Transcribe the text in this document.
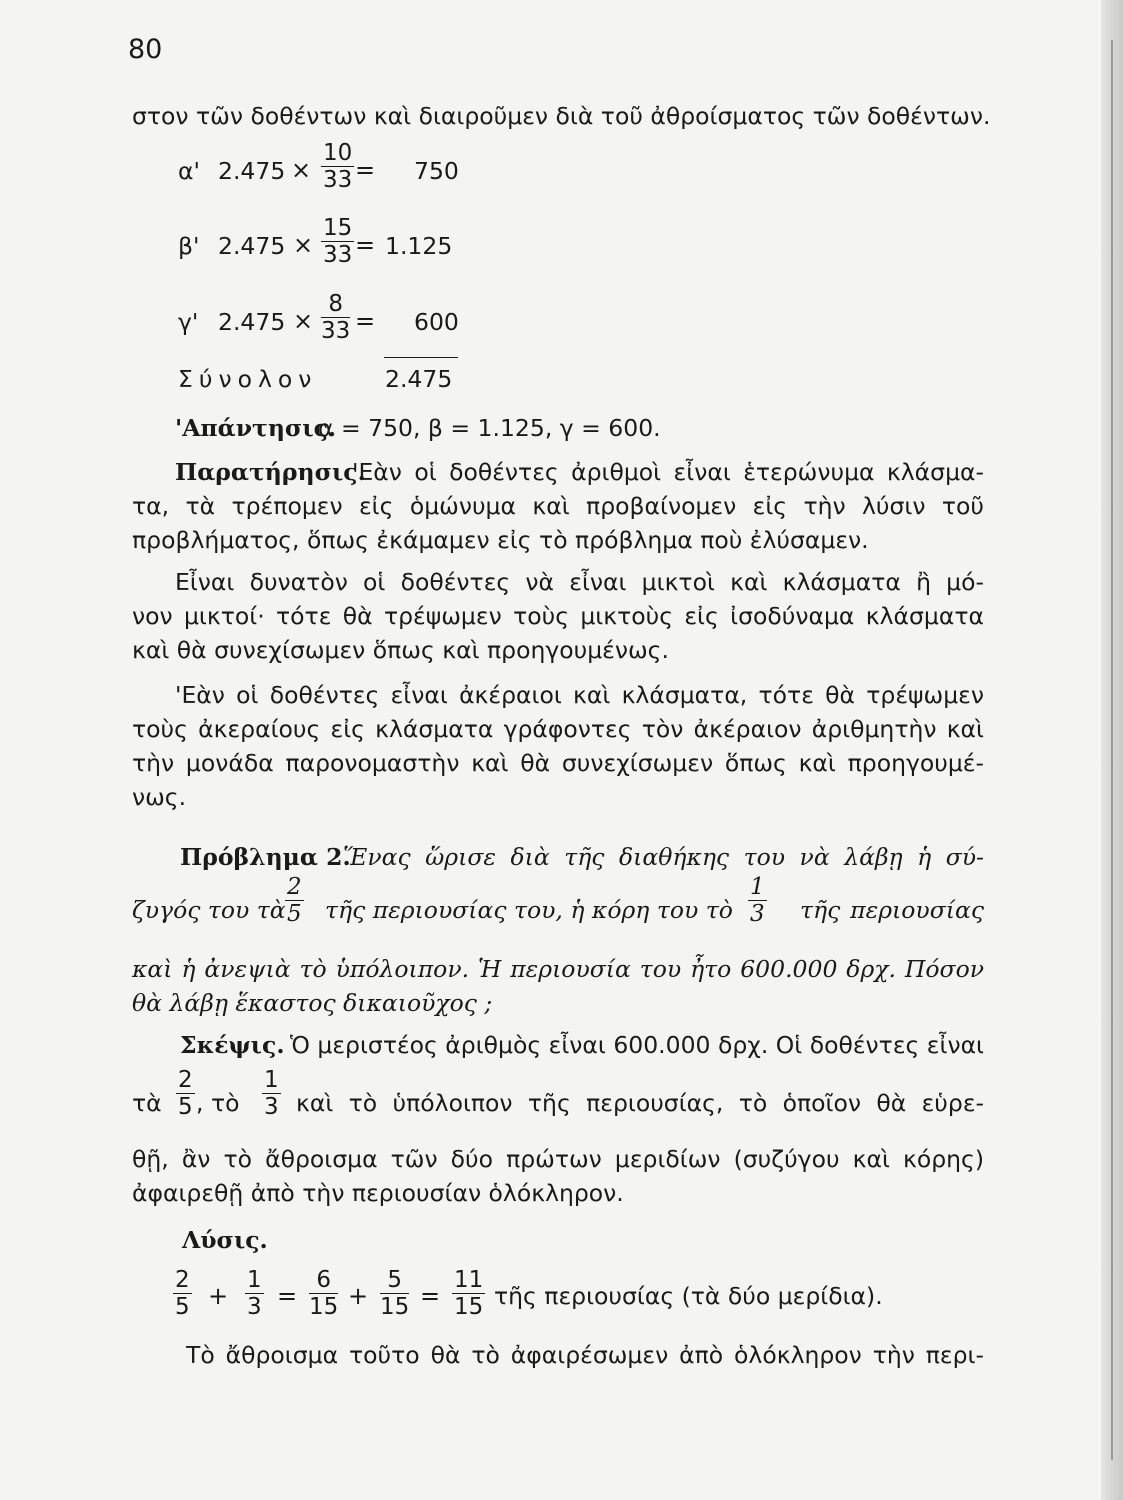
80
στον τῶν δοθέντων καὶ διαιροῦμεν διὰ τοῦ ἀθροίσματος τῶν δοθέντων.
α' $2.475 \times \frac{10}{33} = 750$
β' $2.475 \times \frac{15}{33} = 1.125$
γ' $2.475 \times \frac{8}{33} = 600$
Σύνολον	2.475
'Απάντησις.
α = 750, β = 1.125, γ = 600.
Παρατήρησις.
'Εὰν οἱ δοθέντες ἀριθμοὶ εἶναι ἑτερώνυμα κλάσμα-
τα, τὰ τρέπομεν εἰς ὁμώνυμα καὶ προβαίνομεν εἰς τὴν λύσιν τοῦ
προβλήματος, ὅπως ἐκάμαμεν εἰς τὸ πρόβλημα ποὺ ἐλύσαμεν.
Εἶναι δυνατὸν οἱ δοθέντες νὰ εἶναι μικτοὶ καὶ κλάσματα ἢ μό-
νον μικτοί· τότε θὰ τρέψωμεν τοὺς μικτοὺς εἰς ἰσοδύναμα κλάσματα
καὶ θὰ συνεχίσωμεν ὅπως καὶ προηγουμένως.
'Εὰν οἱ δοθέντες εἶναι ἀκέραιοι καὶ κλάσματα, τότε θὰ τρέψωμεν
τοὺς ἀκεραίους εἰς κλάσματα γράφοντες τὸν ἀκέραιον ἀριθμητὴν καὶ
τὴν μονάδα παρονομαστὴν καὶ θὰ συνεχίσωμεν ὅπως καὶ προηγουμέ-
νως.
Πρόβλημα 2.
Ἕνας ὥρισε διὰ τῆς διαθήκης του νὰ λάβῃ ἡ σύ-
ζυγός του τὰ $\frac{2}{5}$ τῆς περιουσίας του, ἡ κόρη του τὸ $\frac{1}{3}$ τῆς περιουσίας
καὶ ἡ ἀνεψιὰ τὸ ὑπόλοιπον. Ἡ περιουσία του ἦτο 600.000 δρχ. Πόσον
θὰ λάβῃ ἕκαστος δικαιοῦχος ;
Σκέψις. Ὁ μεριστέος ἀριθμὸς εἶναι 600.000 δρχ. Οἱ δοθέντες εἶναι
τὰ $\frac{2}{5}$ , τὸ $\frac{1}{3}$ καὶ τὸ ὑπόλοιπον τῆς περιουσίας, τὸ ὁποῖον θὰ εὑρε-
θῇ, ἂν τὸ ἄθροισμα τῶν δύο πρώτων μεριδίων (συζύγου καὶ κόρης)
ἀφαιρεθῇ ἀπὸ τὴν περιουσίαν ὁλόκληρον.
Λύσις.
$\frac{2}{5} + \frac{1}{3} = \frac{6}{15} + \frac{5}{15} = \frac{11}{15}$ τῆς περιουσίας (τὰ δύο μερίδια).
Τὸ ἄθροισμα τοῦτο θὰ τὸ ἀφαιρέσωμεν ἀπὸ ὁλόκληρον τὴν περι-
